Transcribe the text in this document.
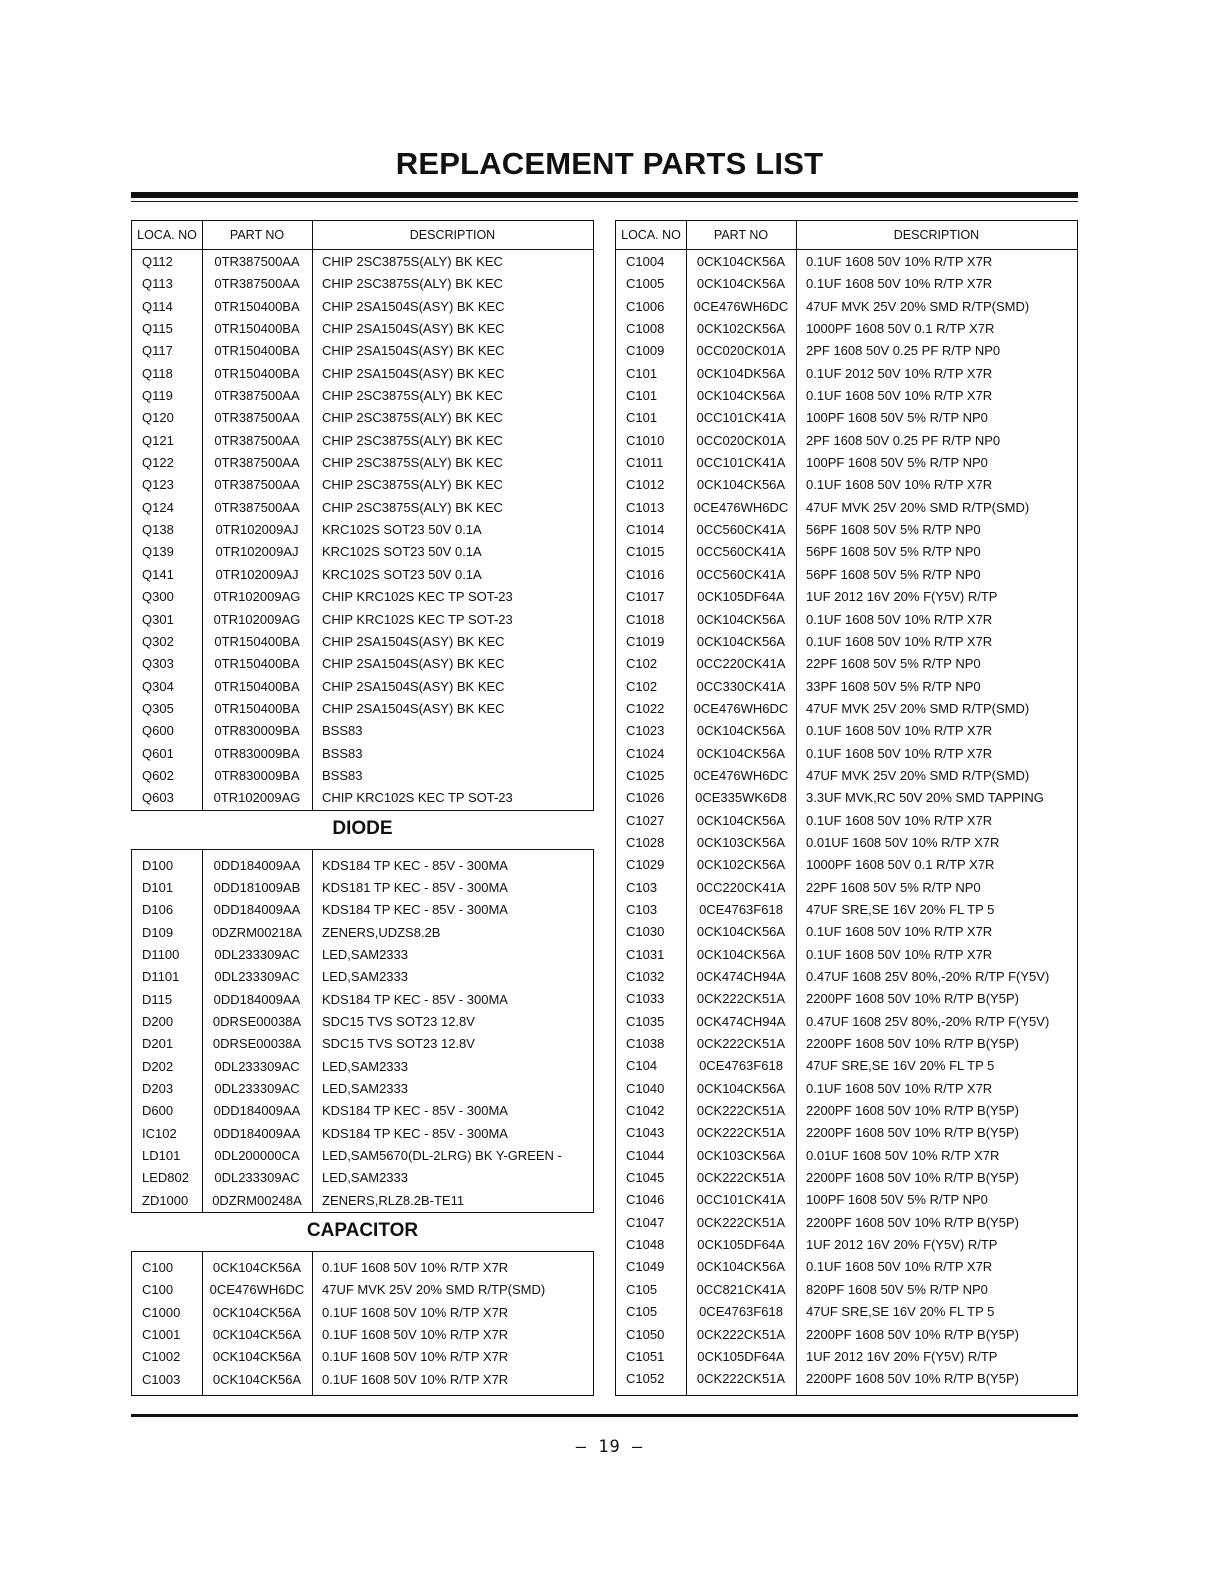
REPLACEMENT PARTS LIST
LOCA. NO	PART NO	DESCRIPTION
Q112	0TR387500AA	CHIP 2SC3875S(ALY) BK KEC
Q113	0TR387500AA	CHIP 2SC3875S(ALY) BK KEC
Q114	0TR150400BA	CHIP 2SA1504S(ASY) BK KEC
Q115	0TR150400BA	CHIP 2SA1504S(ASY) BK KEC
Q117	0TR150400BA	CHIP 2SA1504S(ASY) BK KEC
Q118	0TR150400BA	CHIP 2SA1504S(ASY) BK KEC
Q119	0TR387500AA	CHIP 2SC3875S(ALY) BK KEC
Q120	0TR387500AA	CHIP 2SC3875S(ALY) BK KEC
Q121	0TR387500AA	CHIP 2SC3875S(ALY) BK KEC
Q122	0TR387500AA	CHIP 2SC3875S(ALY) BK KEC
Q123	0TR387500AA	CHIP 2SC3875S(ALY) BK KEC
Q124	0TR387500AA	CHIP 2SC3875S(ALY) BK KEC
Q138	0TR102009AJ	KRC102S SOT23 50V 0.1A
Q139	0TR102009AJ	KRC102S SOT23 50V 0.1A
Q141	0TR102009AJ	KRC102S SOT23 50V 0.1A
Q300	0TR102009AG	CHIP KRC102S KEC TP SOT-23
Q301	0TR102009AG	CHIP KRC102S KEC TP SOT-23
Q302	0TR150400BA	CHIP 2SA1504S(ASY) BK KEC
Q303	0TR150400BA	CHIP 2SA1504S(ASY) BK KEC
Q304	0TR150400BA	CHIP 2SA1504S(ASY) BK KEC
Q305	0TR150400BA	CHIP 2SA1504S(ASY) BK KEC
Q600	0TR830009BA	BSS83
Q601	0TR830009BA	BSS83
Q602	0TR830009BA	BSS83
Q603	0TR102009AG	CHIP KRC102S KEC TP SOT-23
DIODE
D100	0DD184009AA	KDS184 TP KEC - 85V - 300MA
D101	0DD181009AB	KDS181 TP KEC - 85V - 300MA
D106	0DD184009AA	KDS184 TP KEC - 85V - 300MA
D109	0DZRM00218A	ZENERS,UDZS8.2B
D1100	0DL233309AC	LED,SAM2333
D1101	0DL233309AC	LED,SAM2333
D115	0DD184009AA	KDS184 TP KEC - 85V - 300MA
D200	0DRSE00038A	SDC15 TVS SOT23 12.8V
D201	0DRSE00038A	SDC15 TVS SOT23 12.8V
D202	0DL233309AC	LED,SAM2333
D203	0DL233309AC	LED,SAM2333
D600	0DD184009AA	KDS184 TP KEC - 85V - 300MA
IC102	0DD184009AA	KDS184 TP KEC - 85V - 300MA
LD101	0DL200000CA	LED,SAM5670(DL-2LRG) BK Y-GREEN -
LED802	0DL233309AC	LED,SAM2333
ZD1000	0DZRM00248A	ZENERS,RLZ8.2B-TE11
CAPACITOR
C100	0CK104CK56A	0.1UF 1608 50V 10% R/TP X7R
C100	0CE476WH6DC	47UF MVK 25V 20% SMD R/TP(SMD)
C1000	0CK104CK56A	0.1UF 1608 50V 10% R/TP X7R
C1001	0CK104CK56A	0.1UF 1608 50V 10% R/TP X7R
C1002	0CK104CK56A	0.1UF 1608 50V 10% R/TP X7R
C1003	0CK104CK56A	0.1UF 1608 50V 10% R/TP X7R
LOCA. NO	PART NO	DESCRIPTION
C1004	0CK104CK56A	0.1UF 1608 50V 10% R/TP X7R
C1005	0CK104CK56A	0.1UF 1608 50V 10% R/TP X7R
C1006	0CE476WH6DC	47UF MVK 25V 20% SMD R/TP(SMD)
C1008	0CK102CK56A	1000PF 1608 50V 0.1 R/TP X7R
C1009	0CC020CK01A	2PF 1608 50V 0.25 PF R/TP NP0
C101	0CK104DK56A	0.1UF 2012 50V 10% R/TP X7R
C101	0CK104CK56A	0.1UF 1608 50V 10% R/TP X7R
C101	0CC101CK41A	100PF 1608 50V 5% R/TP NP0
C1010	0CC020CK01A	2PF 1608 50V 0.25 PF R/TP NP0
C1011	0CC101CK41A	100PF 1608 50V 5% R/TP NP0
C1012	0CK104CK56A	0.1UF 1608 50V 10% R/TP X7R
C1013	0CE476WH6DC	47UF MVK 25V 20% SMD R/TP(SMD)
C1014	0CC560CK41A	56PF 1608 50V 5% R/TP NP0
C1015	0CC560CK41A	56PF 1608 50V 5% R/TP NP0
C1016	0CC560CK41A	56PF 1608 50V 5% R/TP NP0
C1017	0CK105DF64A	1UF 2012 16V 20% F(Y5V) R/TP
C1018	0CK104CK56A	0.1UF 1608 50V 10% R/TP X7R
C1019	0CK104CK56A	0.1UF 1608 50V 10% R/TP X7R
C102	0CC220CK41A	22PF 1608 50V 5% R/TP NP0
C102	0CC330CK41A	33PF 1608 50V 5% R/TP NP0
C1022	0CE476WH6DC	47UF MVK 25V 20% SMD R/TP(SMD)
C1023	0CK104CK56A	0.1UF 1608 50V 10% R/TP X7R
C1024	0CK104CK56A	0.1UF 1608 50V 10% R/TP X7R
C1025	0CE476WH6DC	47UF MVK 25V 20% SMD R/TP(SMD)
C1026	0CE335WK6D8	3.3UF MVK,RC 50V 20% SMD TAPPING
C1027	0CK104CK56A	0.1UF 1608 50V 10% R/TP X7R
C1028	0CK103CK56A	0.01UF 1608 50V 10% R/TP X7R
C1029	0CK102CK56A	1000PF 1608 50V 0.1 R/TP X7R
C103	0CC220CK41A	22PF 1608 50V 5% R/TP NP0
C103	0CE4763F618	47UF SRE,SE 16V 20% FL TP 5
C1030	0CK104CK56A	0.1UF 1608 50V 10% R/TP X7R
C1031	0CK104CK56A	0.1UF 1608 50V 10% R/TP X7R
C1032	0CK474CH94A	0.47UF 1608 25V 80%,-20% R/TP F(Y5V)
C1033	0CK222CK51A	2200PF 1608 50V 10% R/TP B(Y5P)
C1035	0CK474CH94A	0.47UF 1608 25V 80%,-20% R/TP F(Y5V)
C1038	0CK222CK51A	2200PF 1608 50V 10% R/TP B(Y5P)
C104	0CE4763F618	47UF SRE,SE 16V 20% FL TP 5
C1040	0CK104CK56A	0.1UF 1608 50V 10% R/TP X7R
C1042	0CK222CK51A	2200PF 1608 50V 10% R/TP B(Y5P)
C1043	0CK222CK51A	2200PF 1608 50V 10% R/TP B(Y5P)
C1044	0CK103CK56A	0.01UF 1608 50V 10% R/TP X7R
C1045	0CK222CK51A	2200PF 1608 50V 10% R/TP B(Y5P)
C1046	0CC101CK41A	100PF 1608 50V 5% R/TP NP0
C1047	0CK222CK51A	2200PF 1608 50V 10% R/TP B(Y5P)
C1048	0CK105DF64A	1UF 2012 16V 20% F(Y5V) R/TP
C1049	0CK104CK56A	0.1UF 1608 50V 10% R/TP X7R
C105	0CC821CK41A	820PF 1608 50V 5% R/TP NP0
C105	0CE4763F618	47UF SRE,SE 16V 20% FL TP 5
C1050	0CK222CK51A	2200PF 1608 50V 10% R/TP B(Y5P)
C1051	0CK105DF64A	1UF 2012 16V 20% F(Y5V) R/TP
C1052	0CK222CK51A	2200PF 1608 50V 10% R/TP B(Y5P)
– 19 –
